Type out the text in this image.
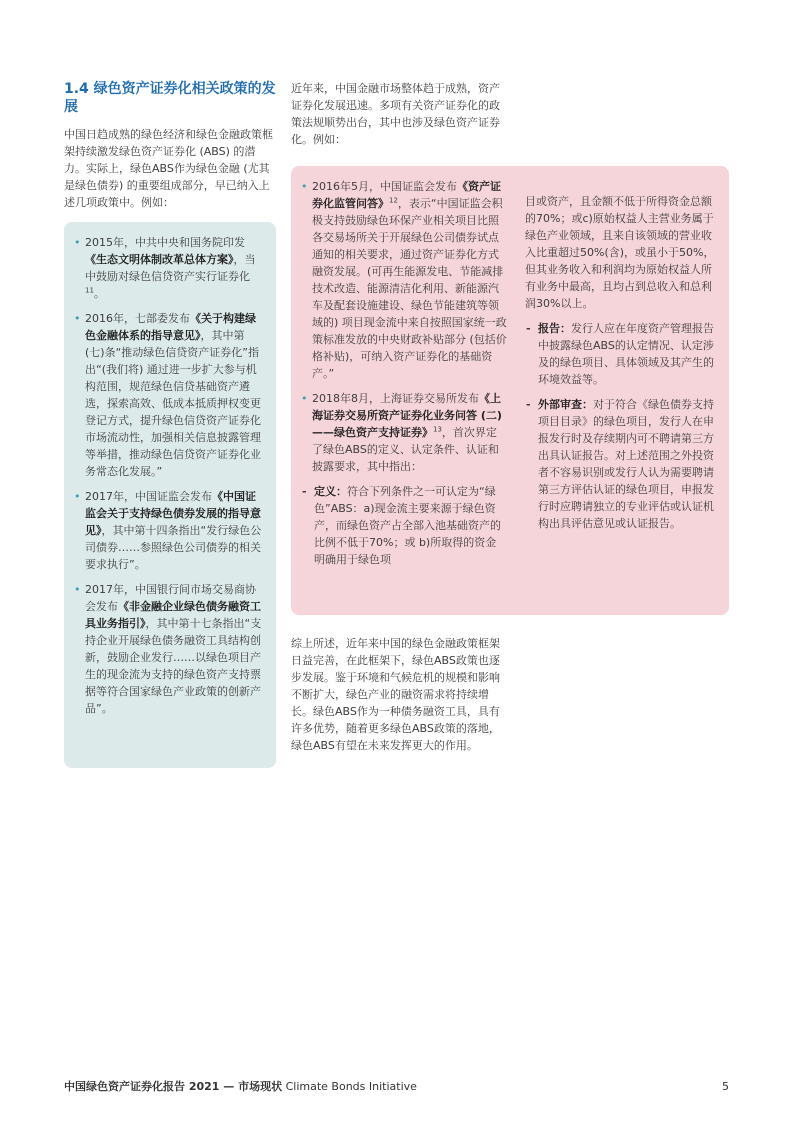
1.4 绿色资产证券化相关政策的发展

中国日趋成熟的绿色经济和绿色金融政策框架持续激发绿色资产证券化 (ABS) 的潜力。实际上，绿色ABS作为绿色金融 (尤其是绿色债券) 的重要组成部分，早已纳入上述几项政策中。例如：

• 2015年，中共中央和国务院印发《生态文明体制改革总体方案》，当中鼓励对绿色信贷资产实行证券化$^{11}$。
• 2016年，七部委发布《关于构建绿色金融体系的指导意见》，其中第(七)条“推动绿色信贷资产证券化”指出“(我们将) 通过进一步扩大参与机构范围，规范绿色信贷基础资产遴选，探索高效、低成本抵质押权变更登记方式，提升绿色信贷资产证券化市场流动性，加强相关信息披露管理等举措，推动绿色信贷资产证券化业务常态化发展。”
• 2017年，中国证监会发布《中国证监会关于支持绿色债券发展的指导意见》，其中第十四条指出“发行绿色公司债券……参照绿色公司债券的相关要求执行”。
• 2017年，中国银行间市场交易商协会发布《非金融企业绿色债务融资工具业务指引》，其中第十七条指出“支持企业开展绿色债务融资工具结构创新，鼓励企业发行……以绿色项目产生的现金流为支持的绿色资产支持票据等符合国家绿色产业政策的创新产品”。

近年来，中国金融市场整体趋于成熟，资产证券化发展迅速。多项有关资产证券化的政策法规顺势出台，其中也涉及绿色资产证券化。例如：

• 2016年5月，中国证监会发布《资产证券化监管问答》$^{12}$，表示“中国证监会积极支持鼓励绿色环保产业相关项目比照各交易场所关于开展绿色公司债券试点通知的相关要求，通过资产证券化方式融资发展。(可再生能源发电、节能减排技术改造、能源清洁化利用、新能源汽车及配套设施建设、绿色节能建筑等领域的) 项目现金流中来自按照国家统一政策标准发放的中央财政补贴部分 (包括价格补贴)，可纳入资产证券化的基础资产。”
• 2018年8月，上海证券交易所发布《上海证券交易所资产证券化业务问答 (二)——绿色资产支持证券》$^{13}$，首次界定了绿色ABS的定义、认定条件、认证和披露要求，其中指出：
- 定义：符合下列条件之一可认定为“绿色”ABS：a)现金流主要来源于绿色资产，而绿色资产占全部入池基础资产的比例不低于70%；或 b)所取得的资金明确用于绿色项

目或资产，且金额不低于所得资金总额的70%；或c)原始权益人主营业务属于绿色产业领域，且来自该领域的营业收入比重超过50%(含)，或虽小于50%，但其业务收入和利润均为原始权益人所有业务中最高，且均占到总收入和总利润30%以上。

- 报告：发行人应在年度资产管理报告中披露绿色ABS的认定情况、认定涉及的绿色项目、具体领域及其产生的环境效益等。
- 外部审查：对于符合《绿色债券支持项目目录》的绿色项目，发行人在申报发行时及存续期内可不聘请第三方出具认证报告。对上述范围之外投资者不容易识别或发行人认为需要聘请第三方评估认证的绿色项目，申报发行时应聘请独立的专业评估或认证机构出具评估意见或认证报告。

综上所述，近年来中国的绿色金融政策框架日益完善，在此框架下，绿色ABS政策也逐步发展。鉴于环境和气候危机的规模和影响不断扩大，绿色产业的融资需求将持续增长。绿色ABS作为一种债务融资工具，具有许多优势，随着更多绿色ABS政策的落地，绿色ABS有望在未来发挥更大的作用。

中国绿色资产证券化报告 2021 — 市场现状 Climate Bonds Initiative	5
